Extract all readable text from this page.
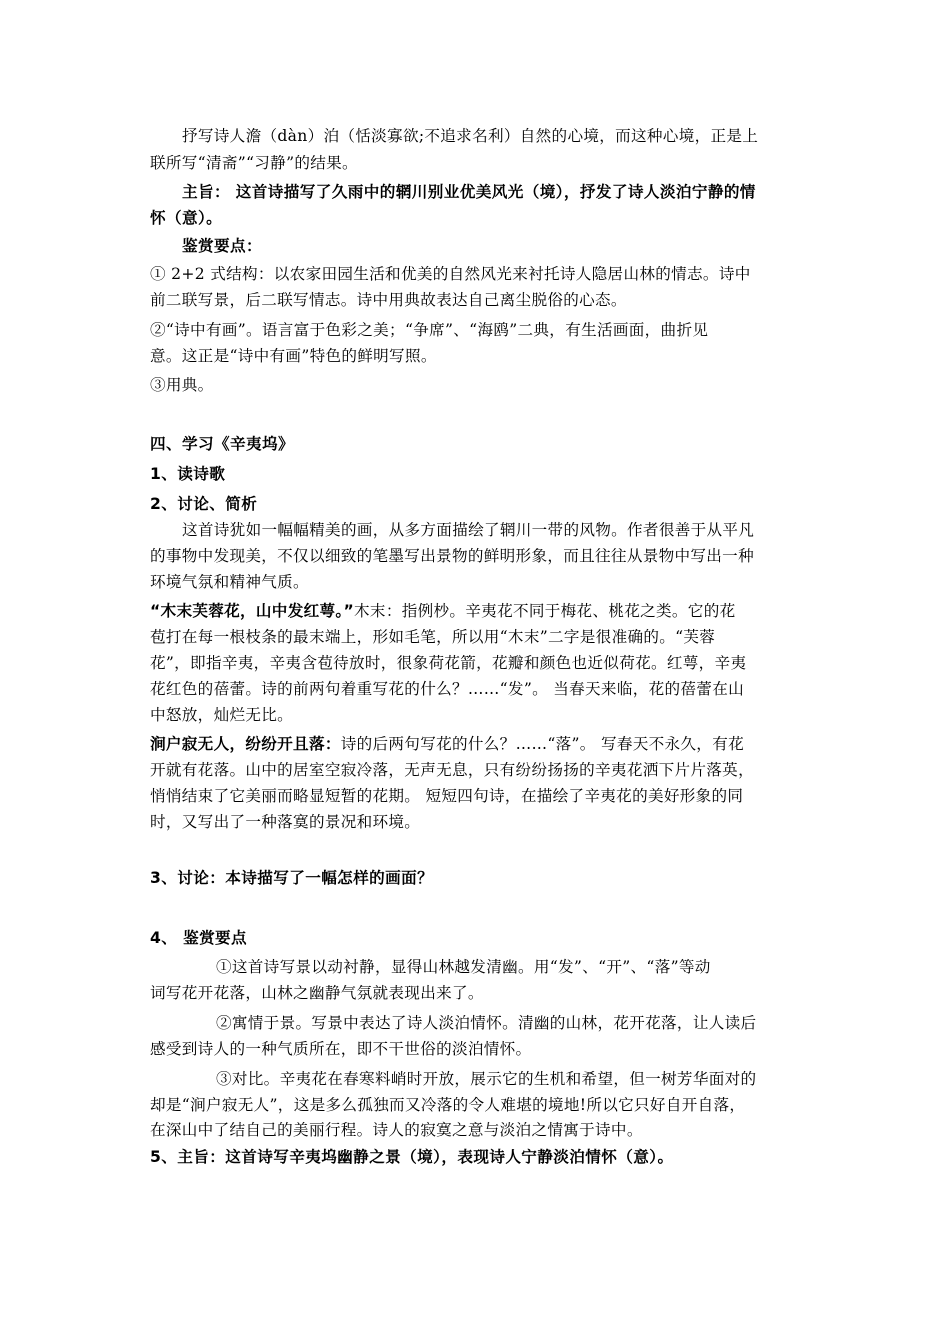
抒写诗人澹（dàn）泊（恬淡寡欲;不追求名利）自然的心境，而这种心境，正是上
联所写“清斋”“习静”的结果。
主旨： 这首诗描写了久雨中的辋川别业优美风光（境），抒发了诗人淡泊宁静的情
怀（意）。
鉴赏要点：
① 2+2 式结构：以农家田园生活和优美的自然风光来衬托诗人隐居山林的情志。诗中
前二联写景，后二联写情志。诗中用典故表达自己离尘脱俗的心态。
②“诗中有画”。语言富于色彩之美；“争席”、“海鸥”二典，有生活画面，曲折见
意。这正是“诗中有画”特色的鲜明写照。
③用典。
四、学习《辛夷坞》
1、读诗歌
2、讨论、简析
这首诗犹如一幅幅精美的画，从多方面描绘了辋川一带的风物。作者很善于从平凡
的事物中发现美，不仅以细致的笔墨写出景物的鲜明形象，而且往往从景物中写出一种
环境气氛和精神气质。
“木末芙蓉花，山中发红萼。”木末：指例杪。辛夷花不同于梅花、桃花之类。它的花
苞打在每一根枝条的最末端上，形如毛笔，所以用“木末”二字是很准确的。“芙蓉
花”，即指辛夷，辛夷含苞待放时，很象荷花箭，花瓣和颜色也近似荷花。红萼，辛夷
花红色的蓓蕾。诗的前两句着重写花的什么？……“发”。 当春天来临，花的蓓蕾在山
中怒放，灿烂无比。
涧户寂无人，纷纷开且落：诗的后两句写花的什么？……“落”。 写春天不永久，有花
开就有花落。山中的居室空寂冷落，无声无息，只有纷纷扬扬的辛夷花洒下片片落英，
悄悄结束了它美丽而略显短暂的花期。 短短四句诗，在描绘了辛夷花的美好形象的同
时，又写出了一种落寞的景况和环境。
3、讨论：本诗描写了一幅怎样的画面？
4、 鉴赏要点
①这首诗写景以动衬静，显得山林越发清幽。用“发”、“开”、“落”等动
词写花开花落，山林之幽静气氛就表现出来了。
②寓情于景。写景中表达了诗人淡泊情怀。清幽的山林，花开花落，让人读后
感受到诗人的一种气质所在，即不干世俗的淡泊情怀。
③对比。辛夷花在春寒料峭时开放，展示它的生机和希望，但一树芳华面对的
却是“涧户寂无人”，这是多么孤独而又冷落的令人难堪的境地!所以它只好自开自落，
在深山中了结自己的美丽行程。诗人的寂寞之意与淡泊之情寓于诗中。
5、主旨：这首诗写辛夷坞幽静之景（境），表现诗人宁静淡泊情怀（意）。
